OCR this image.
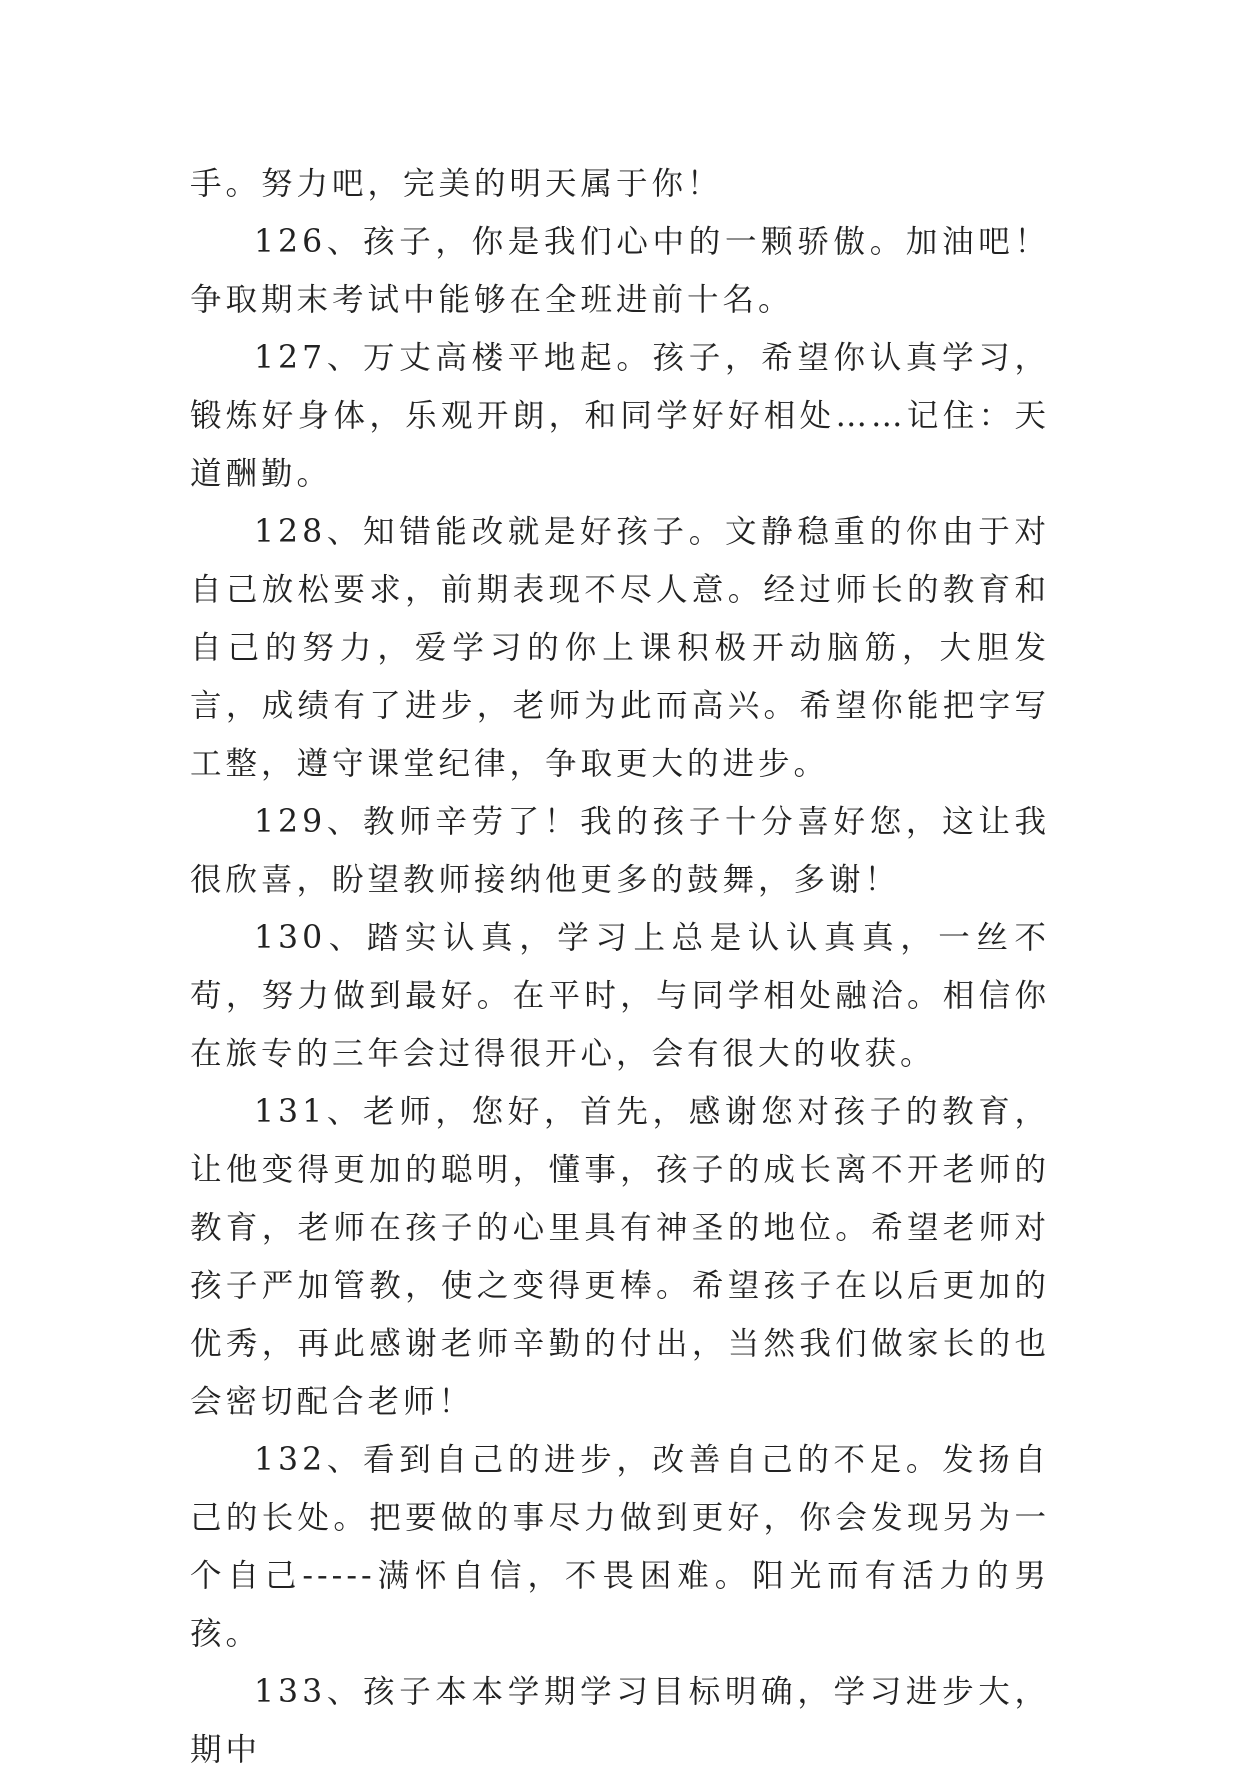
手。努力吧，完美的明天属于你！

126、孩子，你是我们心中的一颗骄傲。加油吧！争取期末考试中能够在全班进前十名。

127、万丈高楼平地起。孩子，希望你认真学习，锻炼好身体，乐观开朗，和同学好好相处……记住：天道酬勤。

128、知错能改就是好孩子。文静稳重的你由于对自己放松要求，前期表现不尽人意。经过师长的教育和自己的努力，爱学习的你上课积极开动脑筋，大胆发言，成绩有了进步，老师为此而高兴。希望你能把字写工整，遵守课堂纪律，争取更大的进步。

129、教师辛劳了！我的孩子十分喜好您，这让我很欣喜，盼望教师接纳他更多的鼓舞，多谢！

130、踏实认真，学习上总是认认真真，一丝不苟，努力做到最好。在平时，与同学相处融洽。相信你在旅专的三年会过得很开心，会有很大的收获。

131、老师，您好，首先，感谢您对孩子的教育，让他变得更加的聪明，懂事，孩子的成长离不开老师的教育，老师在孩子的心里具有神圣的地位。希望老师对孩子严加管教，使之变得更棒。希望孩子在以后更加的优秀，再此感谢老师辛勤的付出，当然我们做家长的也会密切配合老师！

132、看到自己的进步，改善自己的不足。发扬自己的长处。把要做的事尽力做到更好，你会发现另为一个自己-----满怀自信，不畏困难。阳光而有活力的男孩。

133、孩子本本学期学习目标明确，学习进步大，期中
